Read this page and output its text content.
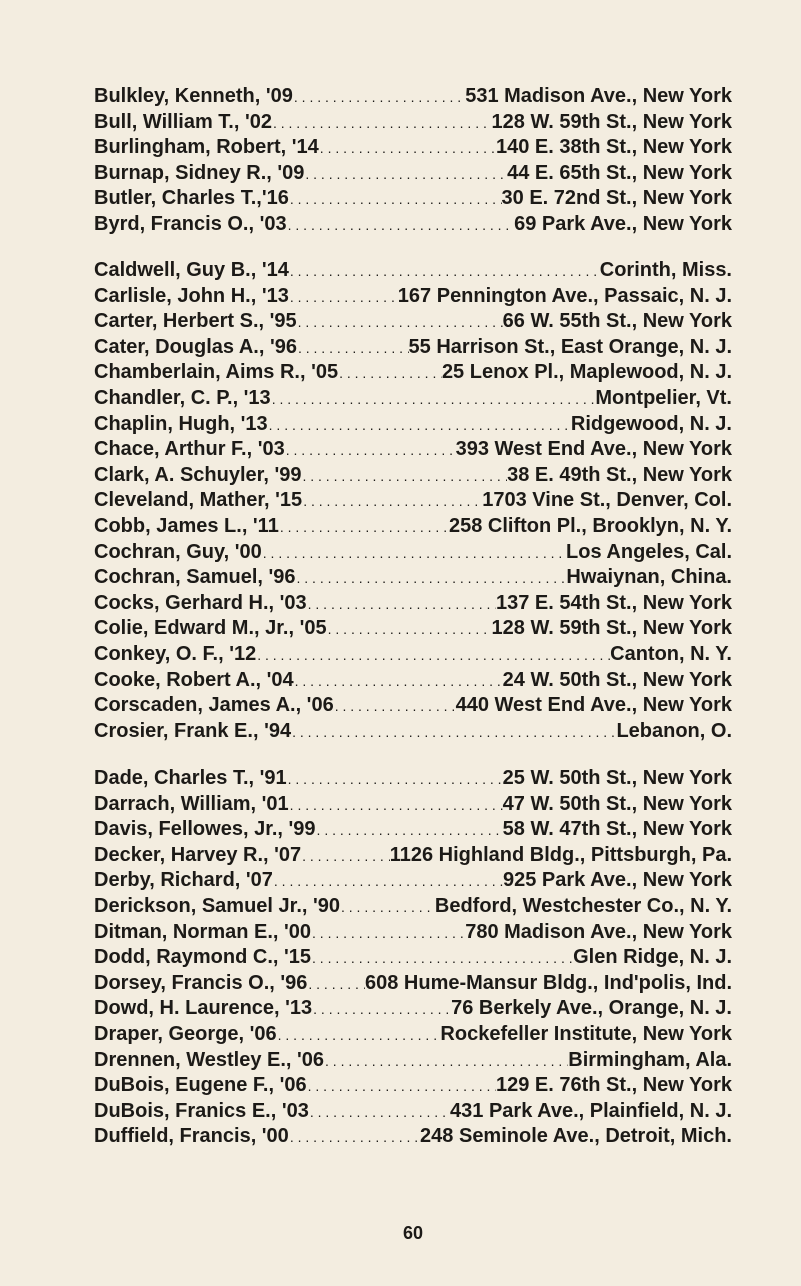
Bulkley, Kenneth, '09 . . .	531 Madison Ave., New York
Bull, William T., '02 . . .	128 W. 59th St., New York
Burlingham, Robert, '14 . . .	140 E. 38th St., New York
Burnap, Sidney R., '09 . . .	44 E. 65th St., New York
Butler, Charles T.,'16 . . .	30 E. 72nd St., New York
Byrd, Francis O., '03 . . .	69 Park Ave., New York
Caldwell, Guy B., '14 . . .	Corinth, Miss.
Carlisle, John H., '13 . . .	167 Pennington Ave., Passaic, N. J.
Carter, Herbert S., '95 . . .	66 W. 55th St., New York
Cater, Douglas A., '96 . . .	55 Harrison St., East Orange, N. J.
Chamberlain, Aims R., '05 . . .	25 Lenox Pl., Maplewood, N. J.
Chandler, C. P., '13 . . .	Montpelier, Vt.
Chaplin, Hugh, '13 . . .	Ridgewood, N. J.
Chace, Arthur F., '03 . . .	393 West End Ave., New York
Clark, A. Schuyler, '99 . . .	38 E. 49th St., New York
Cleveland, Mather, '15 . . .	1703 Vine St., Denver, Col.
Cobb, James L., '11 . . .	258 Clifton Pl., Brooklyn, N. Y.
Cochran, Guy, '00 . . .	Los Angeles, Cal.
Cochran, Samuel, '96 . . .	Hwaiynan, China.
Cocks, Gerhard H., '03 . . .	137 E. 54th St., New York
Colie, Edward M., Jr., '05 . . .	128 W. 59th St., New York
Conkey, O. F., '12 . . .	Canton, N. Y.
Cooke, Robert A., '04 . . .	24 W. 50th St., New York
Corscaden, James A., '06 . . .	440 West End Ave., New York
Crosier, Frank E., '94 . . .	Lebanon, O.
Dade, Charles T., '91 . . .	25 W. 50th St., New York
Darrach, William, '01 . . .	47 W. 50th St., New York
Davis, Fellowes, Jr., '99 . . .	58 W. 47th St., New York
Decker, Harvey R., '07 . . .	1126 Highland Bldg., Pittsburgh, Pa.
Derby, Richard, '07 . . .	925 Park Ave., New York
Derickson, Samuel Jr., '90 . . .	Bedford, Westchester Co., N. Y.
Ditman, Norman E., '00 . . .	780 Madison Ave., New York
Dodd, Raymond C., '15 . . .	Glen Ridge, N. J.
Dorsey, Francis O., '96 . . .	608 Hume-Mansur Bldg., Ind'polis, Ind.
Dowd, H. Laurence, '13 . . .	76 Berkely Ave., Orange, N. J.
Draper, George, '06 . . .	Rockefeller Institute, New York
Drennen, Westley E., '06 . . .	Birmingham, Ala.
DuBois, Eugene F., '06 . . .	129 E. 76th St., New York
DuBois, Franics E., '03 . . .	431 Park Ave., Plainfield, N. J.
Duffield, Francis, '00 . . .	248 Seminole Ave., Detroit, Mich.
60
